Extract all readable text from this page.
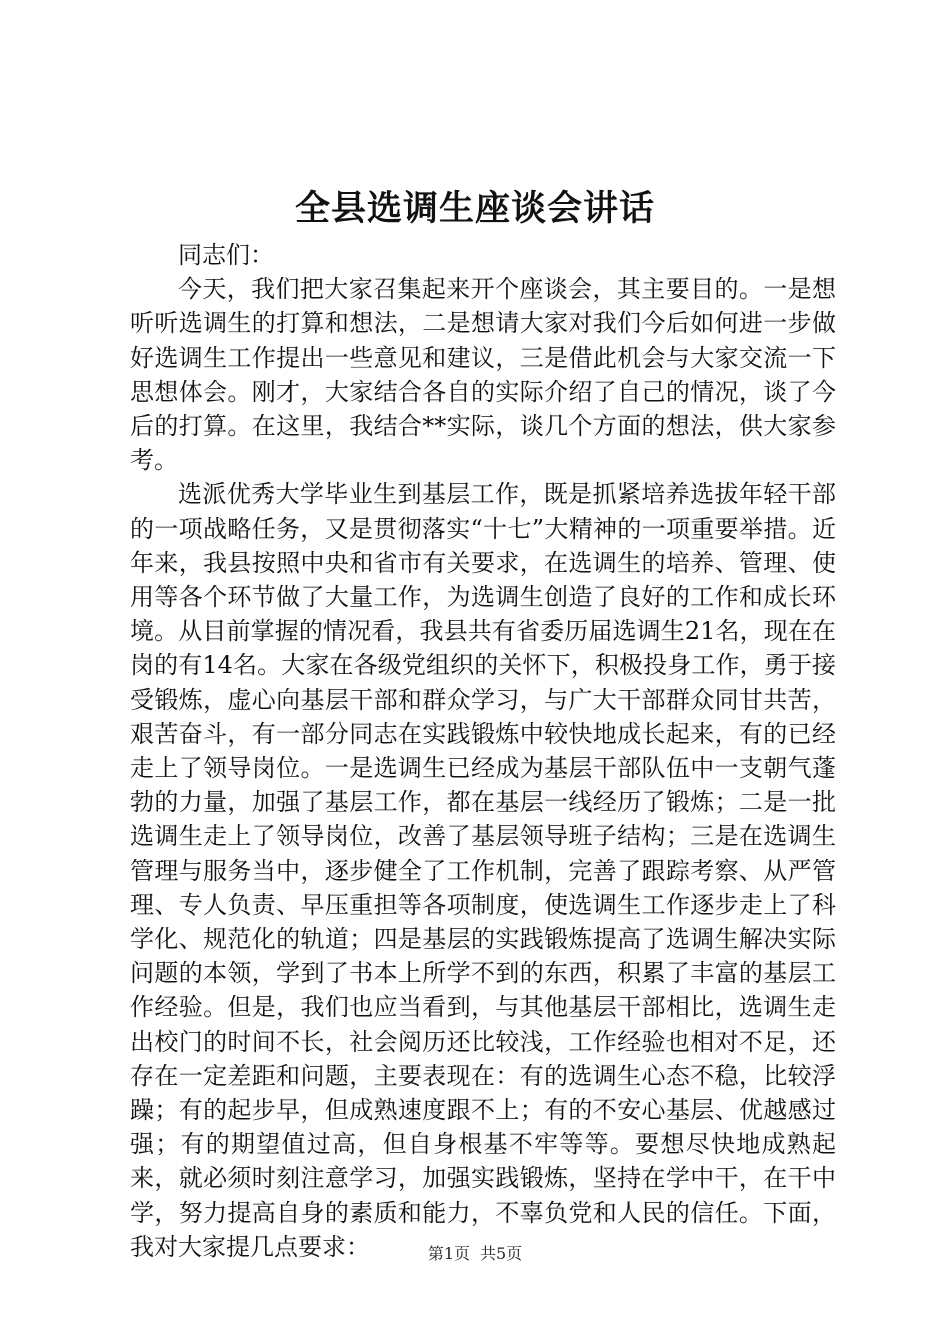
全县选调生座谈会讲话

同志们：

今天，我们把大家召集起来开个座谈会，其主要目的。一是想听听选调生的打算和想法，二是想请大家对我们今后如何进一步做好选调生工作提出一些意见和建议，三是借此机会与大家交流一下思想体会。刚才，大家结合各自的实际介绍了自己的情况，谈了今后的打算。在这里，我结合**实际，谈几个方面的想法，供大家参考。

选派优秀大学毕业生到基层工作，既是抓紧培养选拔年轻干部的一项战略任务，又是贯彻落实“十七”大精神的一项重要举措。近年来，我县按照中央和省市有关要求，在选调生的培养、管理、使用等各个环节做了大量工作，为选调生创造了良好的工作和成长环境。从目前掌握的情况看，我县共有省委历届选调生21名，现在在岗的有14名。大家在各级党组织的关怀下，积极投身工作，勇于接受锻炼，虚心向基层干部和群众学习，与广大干部群众同甘共苦，艰苦奋斗，有一部分同志在实践锻炼中较快地成长起来，有的已经走上了领导岗位。一是选调生已经成为基层干部队伍中一支朝气蓬勃的力量，加强了基层工作，都在基层一线经历了锻炼；二是一批选调生走上了领导岗位，改善了基层领导班子结构；三是在选调生管理与服务当中，逐步健全了工作机制，完善了跟踪考察、从严管理、专人负责、早压重担等各项制度，使选调生工作逐步走上了科学化、规范化的轨道；四是基层的实践锻炼提高了选调生解决实际问题的本领，学到了书本上所学不到的东西，积累了丰富的基层工作经验。但是，我们也应当看到，与其他基层干部相比，选调生走出校门的时间不长，社会阅历还比较浅，工作经验也相对不足，还存在一定差距和问题，主要表现在：有的选调生心态不稳，比较浮躁；有的起步早，但成熟速度跟不上；有的不安心基层、优越感过强；有的期望值过高，但自身根基不牢等等。要想尽快地成熟起来，就必须时刻注意学习，加强实践锻炼，坚持在学中干，在干中学，努力提高自身的素质和能力，不辜负党和人民的信任。下面，我对大家提几点要求：	第1页 共5页
